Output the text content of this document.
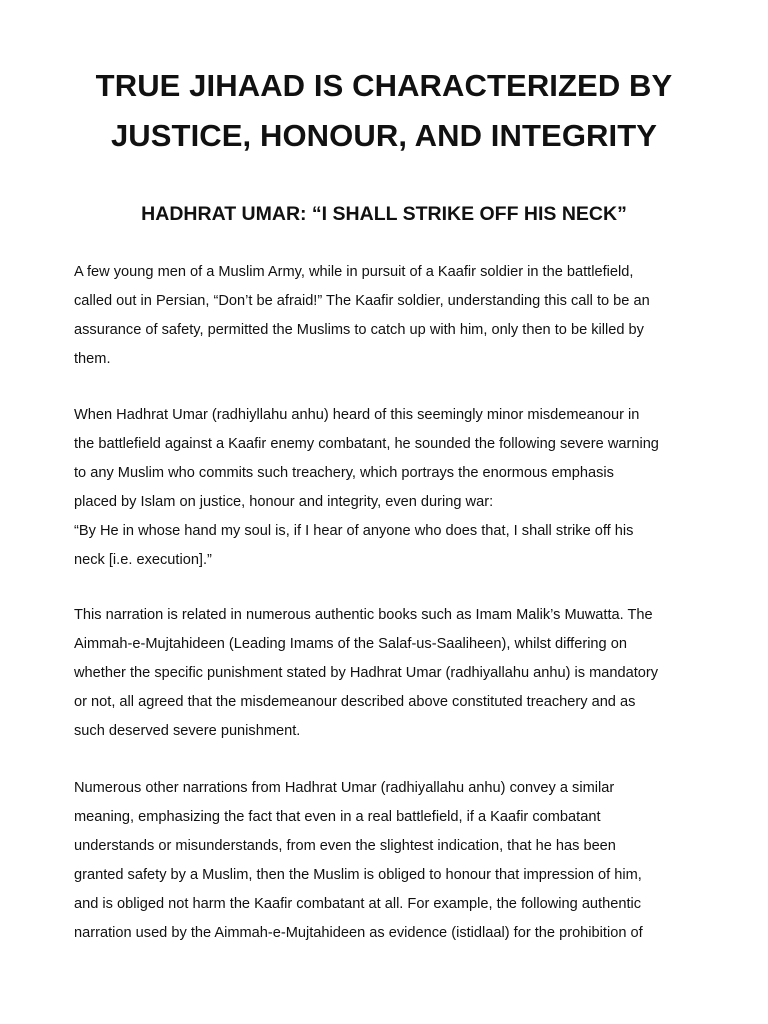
TRUE JIHAAD IS CHARACTERIZED BY
JUSTICE, HONOUR, AND INTEGRITY
HADHRAT UMAR: “I SHALL STRIKE OFF HIS NECK”

A few young men of a Muslim Army, while in pursuit of a Kaafir soldier in the battlefield,
called out in Persian, “Don’t be afraid!” The Kaafir soldier, understanding this call to be an
assurance of safety, permitted the Muslims to catch up with him, only then to be killed by
them.

When Hadhrat Umar (radhiyllahu anhu) heard of this seemingly minor misdemeanour in
the battlefield against a Kaafir enemy combatant, he sounded the following severe warning
to any Muslim who commits such treachery, which portrays the enormous emphasis
placed by Islam on justice, honour and integrity, even during war:
“By He in whose hand my soul is, if I hear of anyone who does that, I shall strike off his
neck [i.e. execution].”

This narration is related in numerous authentic books such as Imam Malik’s Muwatta. The
Aimmah-e-Mujtahideen (Leading Imams of the Salaf-us-Saaliheen), whilst differing on
whether the specific punishment stated by Hadhrat Umar (radhiyallahu anhu) is mandatory
or not, all agreed that the misdemeanour described above constituted treachery and as
such deserved severe punishment.

Numerous other narrations from Hadhrat Umar (radhiyallahu anhu) convey a similar
meaning, emphasizing the fact that even in a real battlefield, if a Kaafir combatant
understands or misunderstands, from even the slightest indication, that he has been
granted safety by a Muslim, then the Muslim is obliged to honour that impression of him,
and is obliged not harm the Kaafir combatant at all. For example, the following authentic
narration used by the Aimmah-e-Mujtahideen as evidence (istidlaal) for the prohibition of
